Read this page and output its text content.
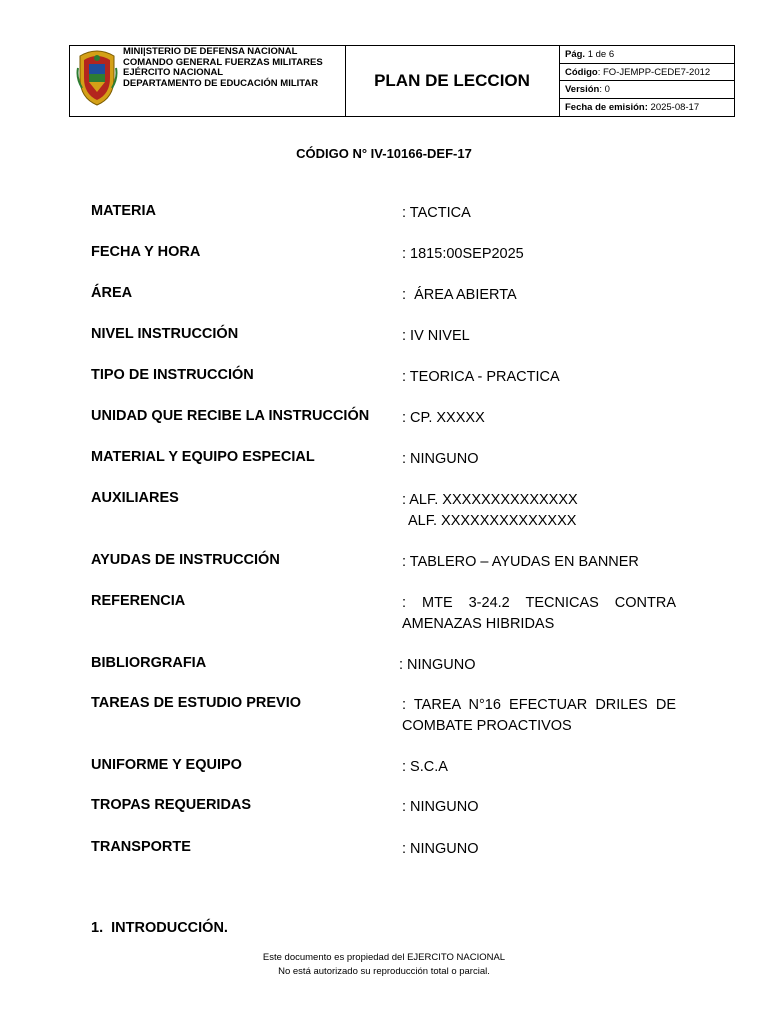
MINI|STERIO DE DEFENSA NACIONAL
COMANDO GENERAL FUERZAS MILITARES
EJÉRCITO NACIONAL
DEPARTAMENTO DE EDUCACIÓN MILITAR	PLAN DE LECCION
Pág. 1 de 6
Código: FO-JEMPP-CEDE7-2012
Versión: 0
Fecha de emisión: 2025-08-17
CÓDIGO N° IV-10166-DEF-17
MATERIA	: TACTICA
FECHA Y HORA	: 1815:00SEP2025
ÁREA	:  ÁREA ABIERTA
NIVEL INSTRUCCIÓN	: IV NIVEL
TIPO DE INSTRUCCIÓN	: TEORICA - PRACTICA
UNIDAD QUE RECIBE LA INSTRUCCIÓN : CP. XXXXX
MATERIAL Y EQUIPO ESPECIAL	: NINGUNO
AUXILIARES	: ALF. XXXXXXXXXXXXXX
ALF. XXXXXXXXXXXXXX
AYUDAS DE INSTRUCCIÓN	: TABLERO – AYUDAS EN BANNER
REFERENCIA	: MTE 3-24.2 TECNICAS CONTRA AMENAZAS HIBRIDAS
BIBLIORGRAFIA	: NINGUNO
TAREAS DE ESTUDIO PREVIO	: TAREA N°16 EFECTUAR DRILES DE COMBATE PROACTIVOS
UNIFORME Y EQUIPO	: S.C.A
TROPAS REQUERIDAS	: NINGUNO
TRANSPORTE	: NINGUNO
1.  INTRODUCCIÓN.
Este documento es propiedad del EJERCITO NACIONAL
No está autorizado su reproducción total o parcial.
